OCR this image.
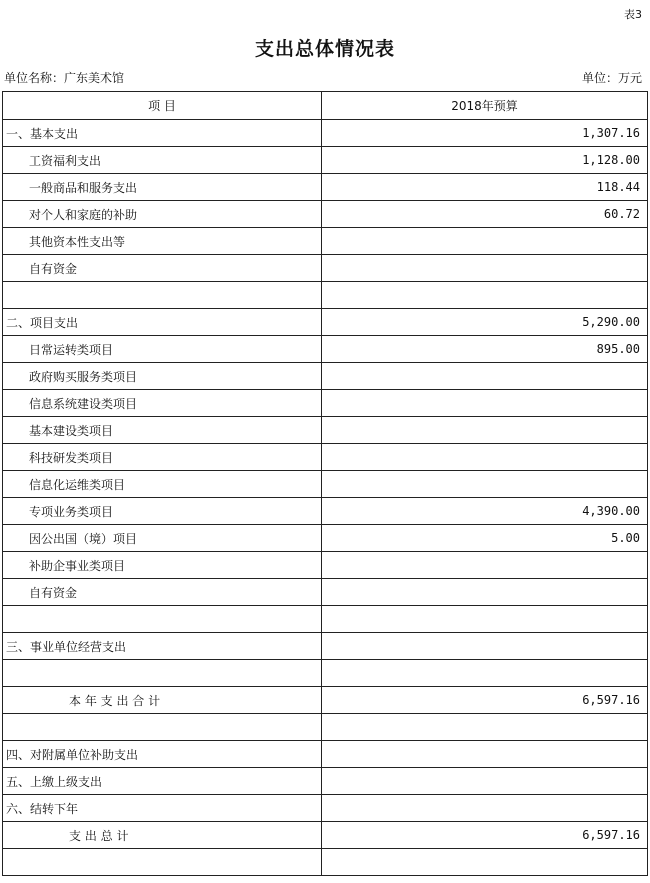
表3
支出总体情况表
单位名称：广东美术馆	单位：万元
项 目	2018年预算
一、基本支出	1,307.16
工资福利支出	1,128.00
一般商品和服务支出	118.44
对个人和家庭的补助	60.72
其他资本性支出等	
自有资金	

二、项目支出	5,290.00
日常运转类项目	895.00
政府购买服务类项目	
信息系统建设类项目	
基本建设类项目	
科技研发类项目	
信息化运维类项目	
专项业务类项目	4,390.00
因公出国（境）项目	5.00
补助企事业类项目	
自有资金	

三、事业单位经营支出	

本 年 支 出 合 计	6,597.16

四、对附属单位补助支出	
五、上缴上级支出	
六、结转下年	
支 出 总 计	6,597.16
